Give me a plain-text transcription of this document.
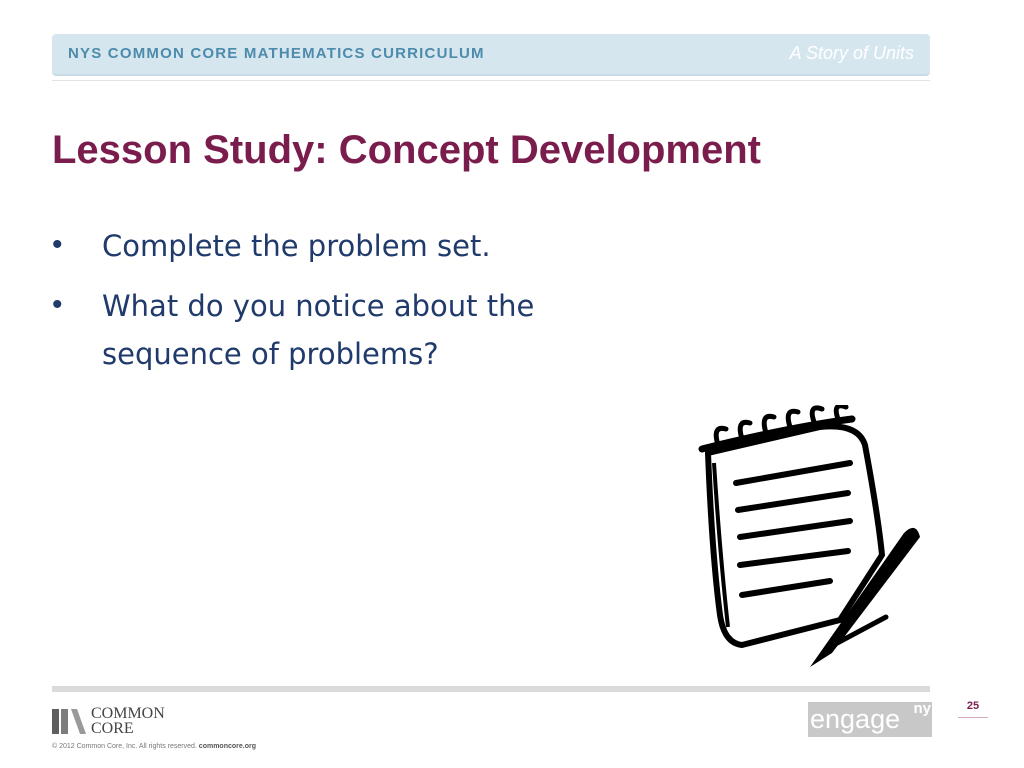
NYS COMMON CORE MATHEMATICS CURRICULUM	A Story of Units
Lesson Study: Concept Development
• Complete the problem set.
• What do you notice about the sequence of problems?
COMMON
CORE
© 2012 Common Core, Inc. All rights reserved. commoncore.org
engage ny	25
